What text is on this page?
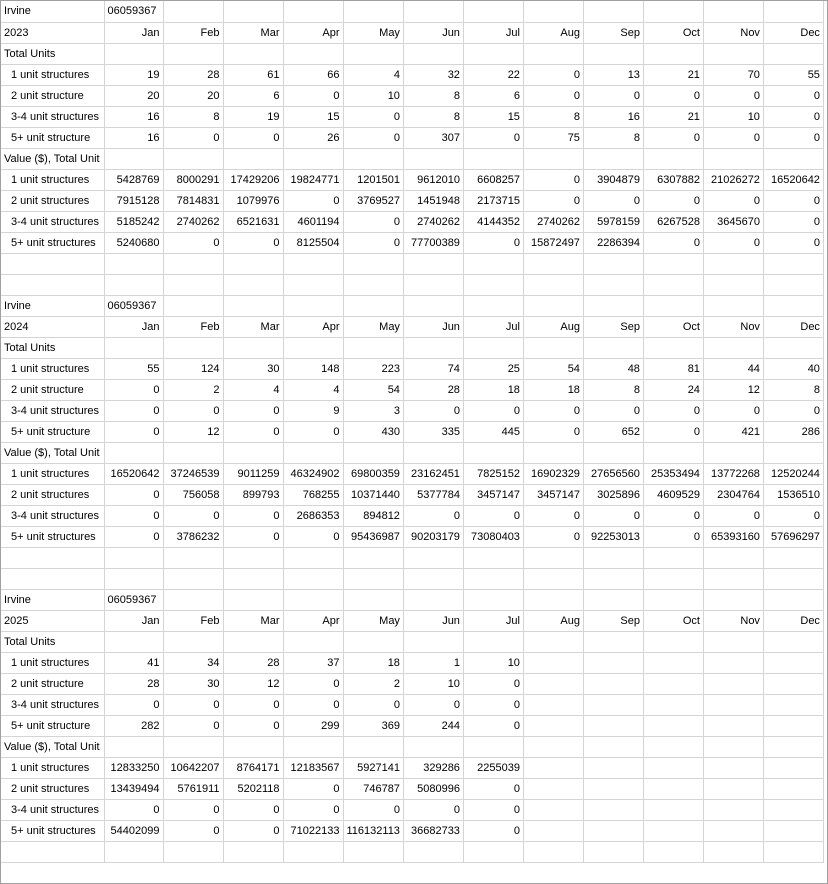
Irvine	06059367											
2023	Jan	Feb	Mar	Apr	May	Jun	Jul	Aug	Sep	Oct	Nov	Dec
Total Units												
1 unit structures	19	28	61	66	4	32	22	0	13	21	70	55
2 unit structure	20	20	6	0	10	8	6	0	0	0	0	0
3-4 unit structures	16	8	19	15	0	8	15	8	16	21	10	0
5+ unit structure	16	0	0	26	0	307	0	75	8	0	0	0
Value ($), Total Unit												
1 unit structures	5428769	8000291	17429206	19824771	1201501	9612010	6608257	0	3904879	6307882	21026272	16520642
2 unit structures	7915128	7814831	1079976	0	3769527	1451948	2173715	0	0	0	0	0
3-4 unit structures	5185242	2740262	6521631	4601194	0	2740262	4144352	2740262	5978159	6267528	3645670	0
5+ unit structures	5240680	0	0	8125504	0	77700389	0	15872497	2286394	0	0	0

Irvine	06059367											
2024	Jan	Feb	Mar	Apr	May	Jun	Jul	Aug	Sep	Oct	Nov	Dec
Total Units												
1 unit structures	55	124	30	148	223	74	25	54	48	81	44	40
2 unit structure	0	2	4	4	54	28	18	18	8	24	12	8
3-4 unit structures	0	0	0	9	3	0	0	0	0	0	0	0
5+ unit structure	0	12	0	0	430	335	445	0	652	0	421	286
Value ($), Total Unit												
1 unit structures	16520642	37246539	9011259	46324902	69800359	23162451	7825152	16902329	27656560	25353494	13772268	12520244
2 unit structures	0	756058	899793	768255	10371440	5377784	3457147	3457147	3025896	4609529	2304764	1536510
3-4 unit structures	0	0	0	2686353	894812	0	0	0	0	0	0	0
5+ unit structures	0	3786232	0	0	95436987	90203179	73080403	0	92253013	0	65393160	57696297

Irvine	06059367											
2025	Jan	Feb	Mar	Apr	May	Jun	Jul	Aug	Sep	Oct	Nov	Dec
Total Units												
1 unit structures	41	34	28	37	18	1	10					
2 unit structure	28	30	12	0	2	10	0					
3-4 unit structures	0	0	0	0	0	0	0					
5+ unit structure	282	0	0	299	369	244	0					
Value ($), Total Unit												
1 unit structures	12833250	10642207	8764171	12183567	5927141	329286	2255039					
2 unit structures	13439494	5761911	5202118	0	746787	5080996	0					
3-4 unit structures	0	0	0	0	0	0	0					
5+ unit structures	54402099	0	0	71022133	116132113	36682733	0					
